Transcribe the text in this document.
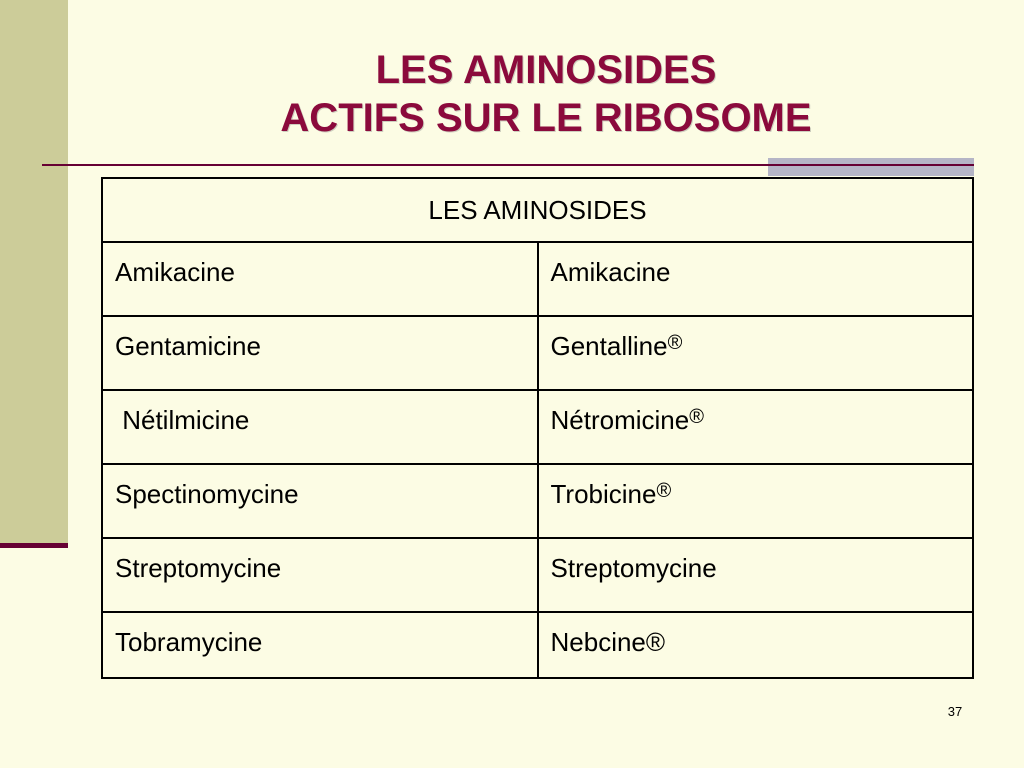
LES AMINOSIDES
ACTIFS SUR LE RIBOSOME
LES AMINOSIDES	
Amikacine	Amikacine
Gentamicine	Gentalline®
Nétilmicine	Nétromicine®
Spectinomycine	Trobicine®
Streptomycine	Streptomycine
Tobramycine	Nebcine®
37
